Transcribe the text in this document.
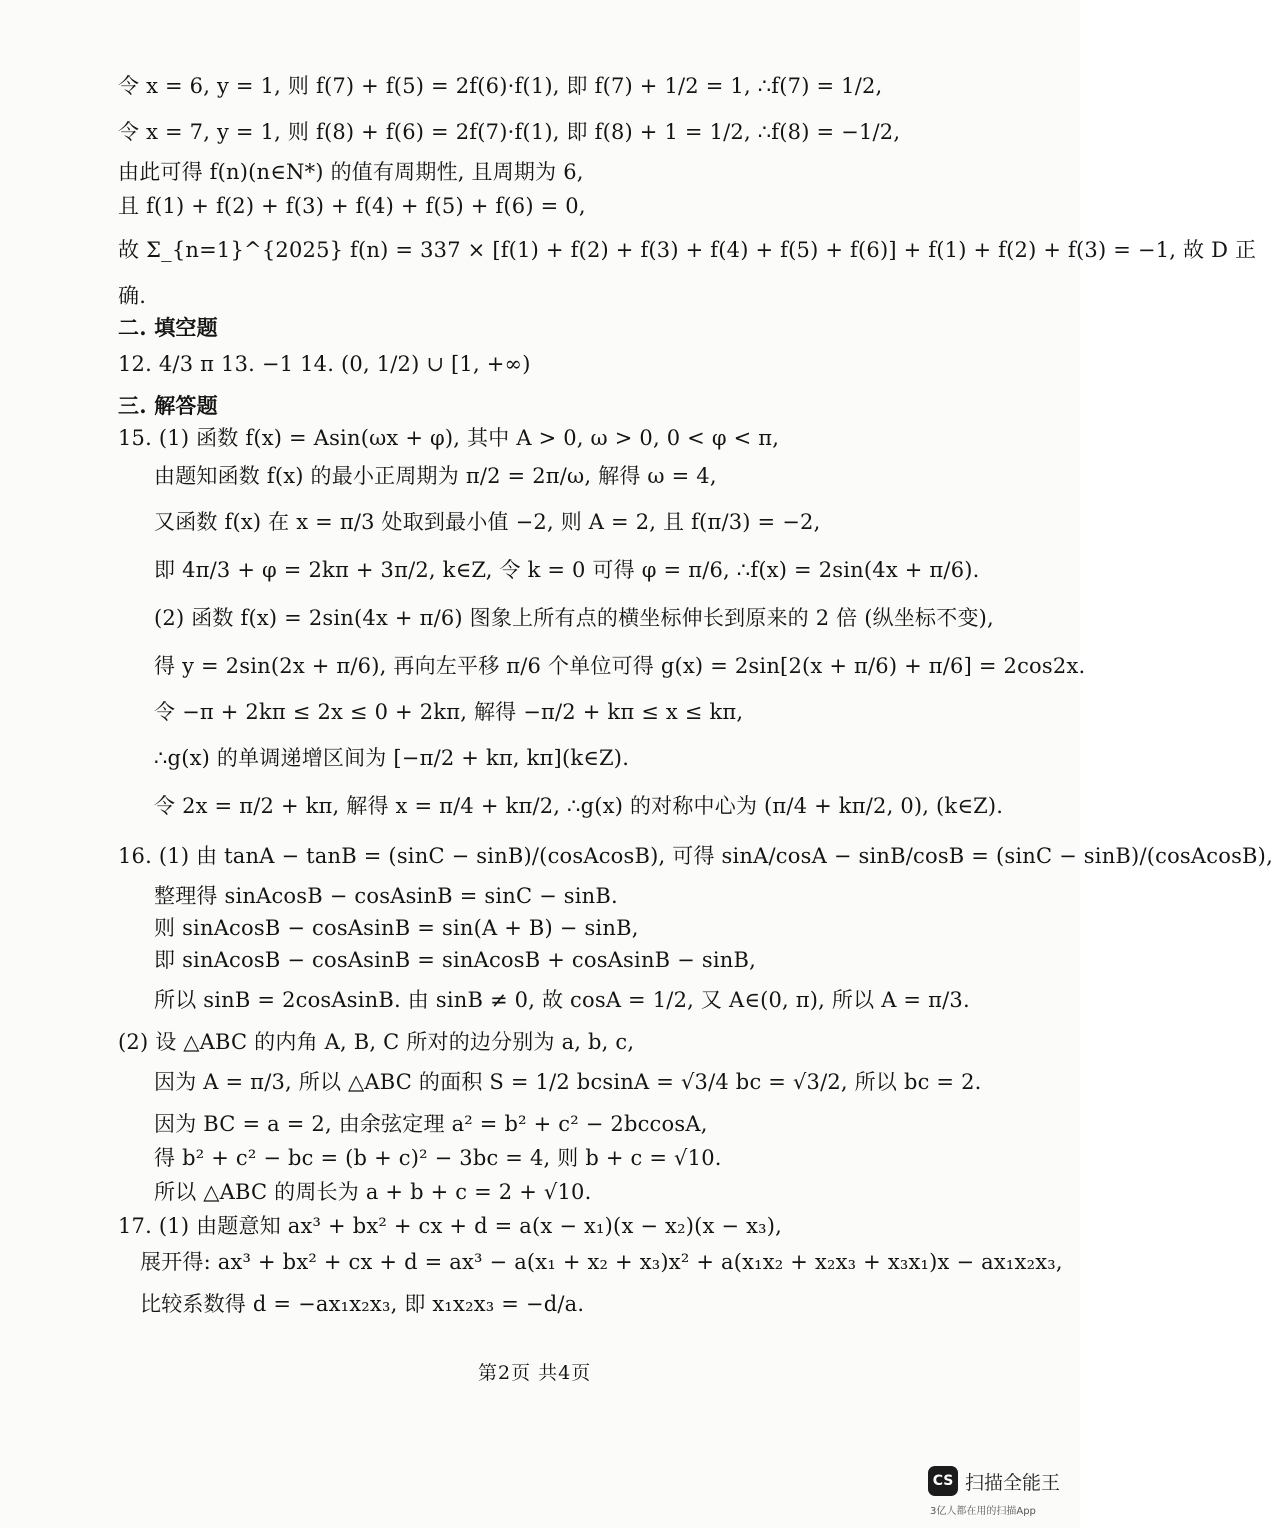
令 x = 6, y = 1, 则 f(7) + f(5) = 2f(6)·f(1), 即 f(7) + 1/2 = 1, ∴f(7) = 1/2,
令 x = 7, y = 1, 则 f(8) + f(6) = 2f(7)·f(1), 即 f(8) + 1 = 1/2, ∴f(8) = −1/2,
由此可得 f(n)(n∈N*) 的值有周期性, 且周期为 6,
且 f(1) + f(2) + f(3) + f(4) + f(5) + f(6) = 0,
故 Σ_{n=1}^{2025} f(n) = 337 × [f(1) + f(2) + f(3) + f(4) + f(5) + f(6)] + f(1) + f(2) + f(3) = −1, 故 D 正
确.
二. 填空题
12. 4/3 π 13. −1 14. (0, 1/2) ∪ [1, +∞)
三. 解答题
15. (1) 函数 f(x) = Asin(ωx + φ), 其中 A > 0, ω > 0, 0 < φ < π,
由题知函数 f(x) 的最小正周期为 π/2 = 2π/ω, 解得 ω = 4,
又函数 f(x) 在 x = π/3 处取到最小值 −2, 则 A = 2, 且 f(π/3) = −2,
即 4π/3 + φ = 2kπ + 3π/2, k∈Z, 令 k = 0 可得 φ = π/6, ∴f(x) = 2sin(4x + π/6).
(2) 函数 f(x) = 2sin(4x + π/6) 图象上所有点的横坐标伸长到原来的 2 倍 (纵坐标不变),
得 y = 2sin(2x + π/6), 再向左平移 π/6 个单位可得 g(x) = 2sin[2(x + π/6) + π/6] = 2cos2x.
令 −π + 2kπ ≤ 2x ≤ 0 + 2kπ, 解得 −π/2 + kπ ≤ x ≤ kπ,
∴g(x) 的单调递增区间为 [−π/2 + kπ, kπ](k∈Z).
令 2x = π/2 + kπ, 解得 x = π/4 + kπ/2, ∴g(x) 的对称中心为 (π/4 + kπ/2, 0), (k∈Z).
16. (1) 由 tanA − tanB = (sinC − sinB)/(cosAcosB), 可得 sinA/cosA − sinB/cosB = (sinC − sinB)/(cosAcosB),
整理得 sinAcosB − cosAsinB = sinC − sinB.
则 sinAcosB − cosAsinB = sin(A + B) − sinB,
即 sinAcosB − cosAsinB = sinAcosB + cosAsinB − sinB,
所以 sinB = 2cosAsinB. 由 sinB ≠ 0, 故 cosA = 1/2, 又 A∈(0, π), 所以 A = π/3.
(2) 设 △ABC 的内角 A, B, C 所对的边分别为 a, b, c,
因为 A = π/3, 所以 △ABC 的面积 S = 1/2 bcsinA = √3/4 bc = √3/2, 所以 bc = 2.
因为 BC = a = 2, 由余弦定理 a² = b² + c² − 2bccosA,
得 b² + c² − bc = (b + c)² − 3bc = 4, 则 b + c = √10.
所以 △ABC 的周长为 a + b + c = 2 + √10.
17. (1) 由题意知 ax³ + bx² + cx + d = a(x − x₁)(x − x₂)(x − x₃),
展开得: ax³ + bx² + cx + d = ax³ − a(x₁ + x₂ + x₃)x² + a(x₁x₂ + x₂x₃ + x₃x₁)x − ax₁x₂x₃,
比较系数得 d = −ax₁x₂x₃, 即 x₁x₂x₃ = −d/a.
第2页 共4页
CS 扫描全能王
3亿人都在用的扫描App
